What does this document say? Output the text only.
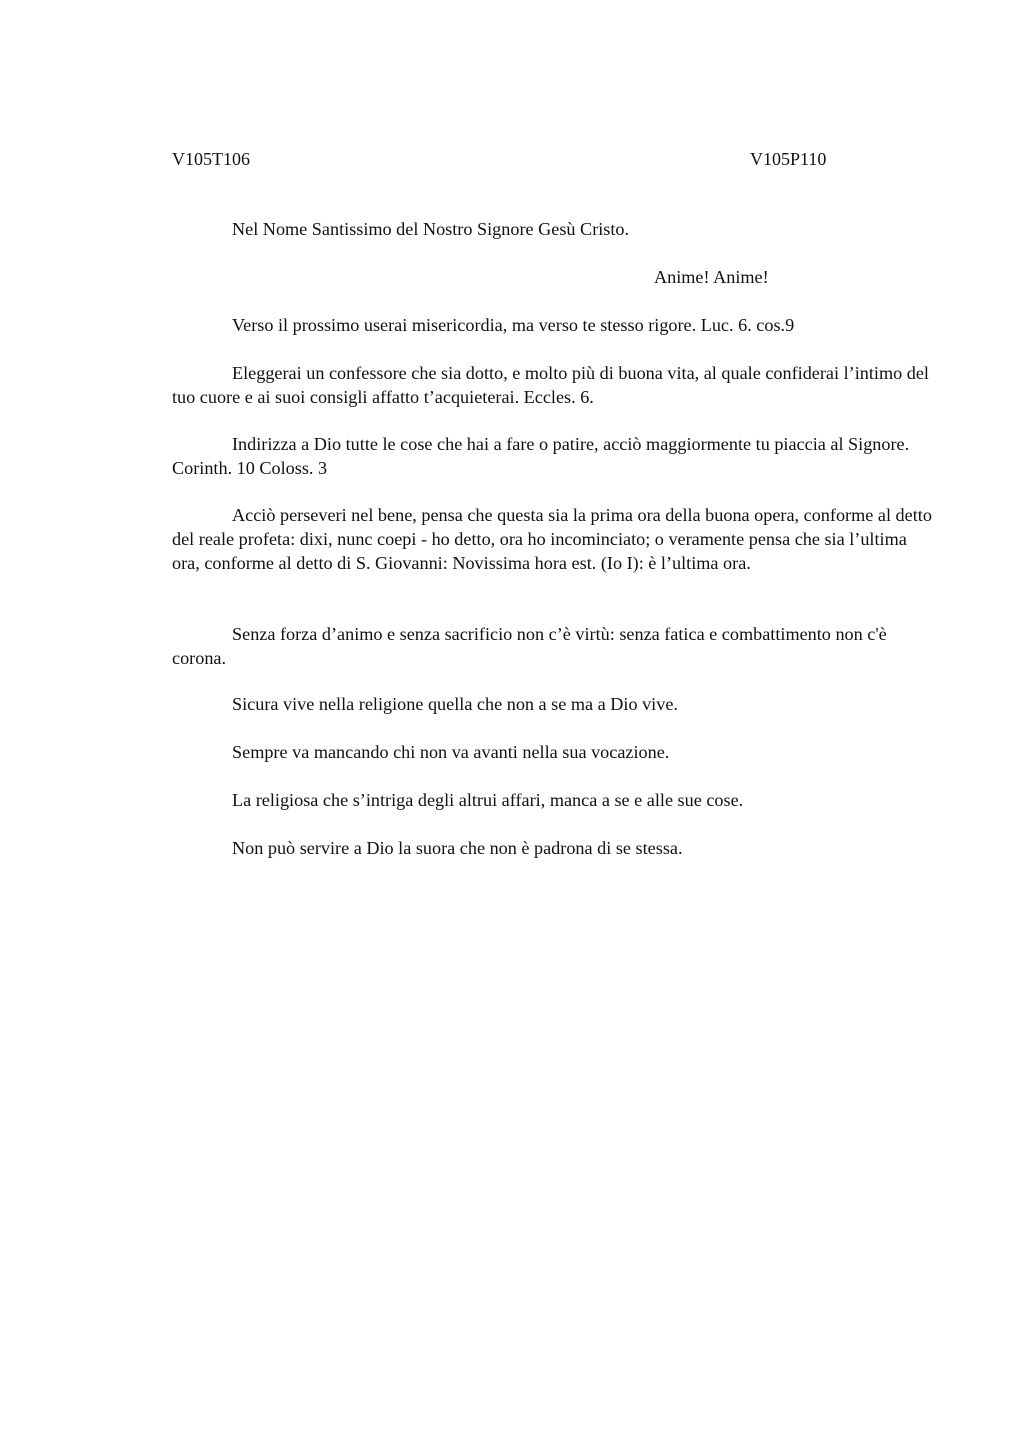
V105T106	V105P110

Nel Nome Santissimo del Nostro Signore Gesù Cristo.

Anime! Anime!

Verso il prossimo userai misericordia, ma verso te stesso rigore. Luc. 6. cos.9

Eleggerai un confessore che sia dotto, e molto più di buona vita, al quale confiderai l’intimo del tuo cuore e ai suoi consigli affatto t’acquieterai. Eccles. 6.

Indirizza a Dio tutte le cose che hai a fare o patire, acciò maggiormente tu piaccia al Signore. Corinth. 10 Coloss. 3

Acciò perseveri nel bene, pensa che questa sia la prima ora della buona opera, conforme al detto del reale profeta: dixi, nunc coepi - ho detto, ora ho incominciato; o veramente pensa che sia l’ultima ora, conforme al detto di S. Giovanni: Novissima hora est. (Io I): è l’ultima ora.

Senza forza d’animo e senza sacrificio non c’è virtù: senza fatica e combattimento non c'è corona.

Sicura vive nella religione quella che non a se ma a Dio vive.

Sempre va mancando chi non va avanti nella sua vocazione.

La religiosa che s’intriga degli altrui affari, manca a se e alle sue cose.

Non può servire a Dio la suora che non è padrona di se stessa.
